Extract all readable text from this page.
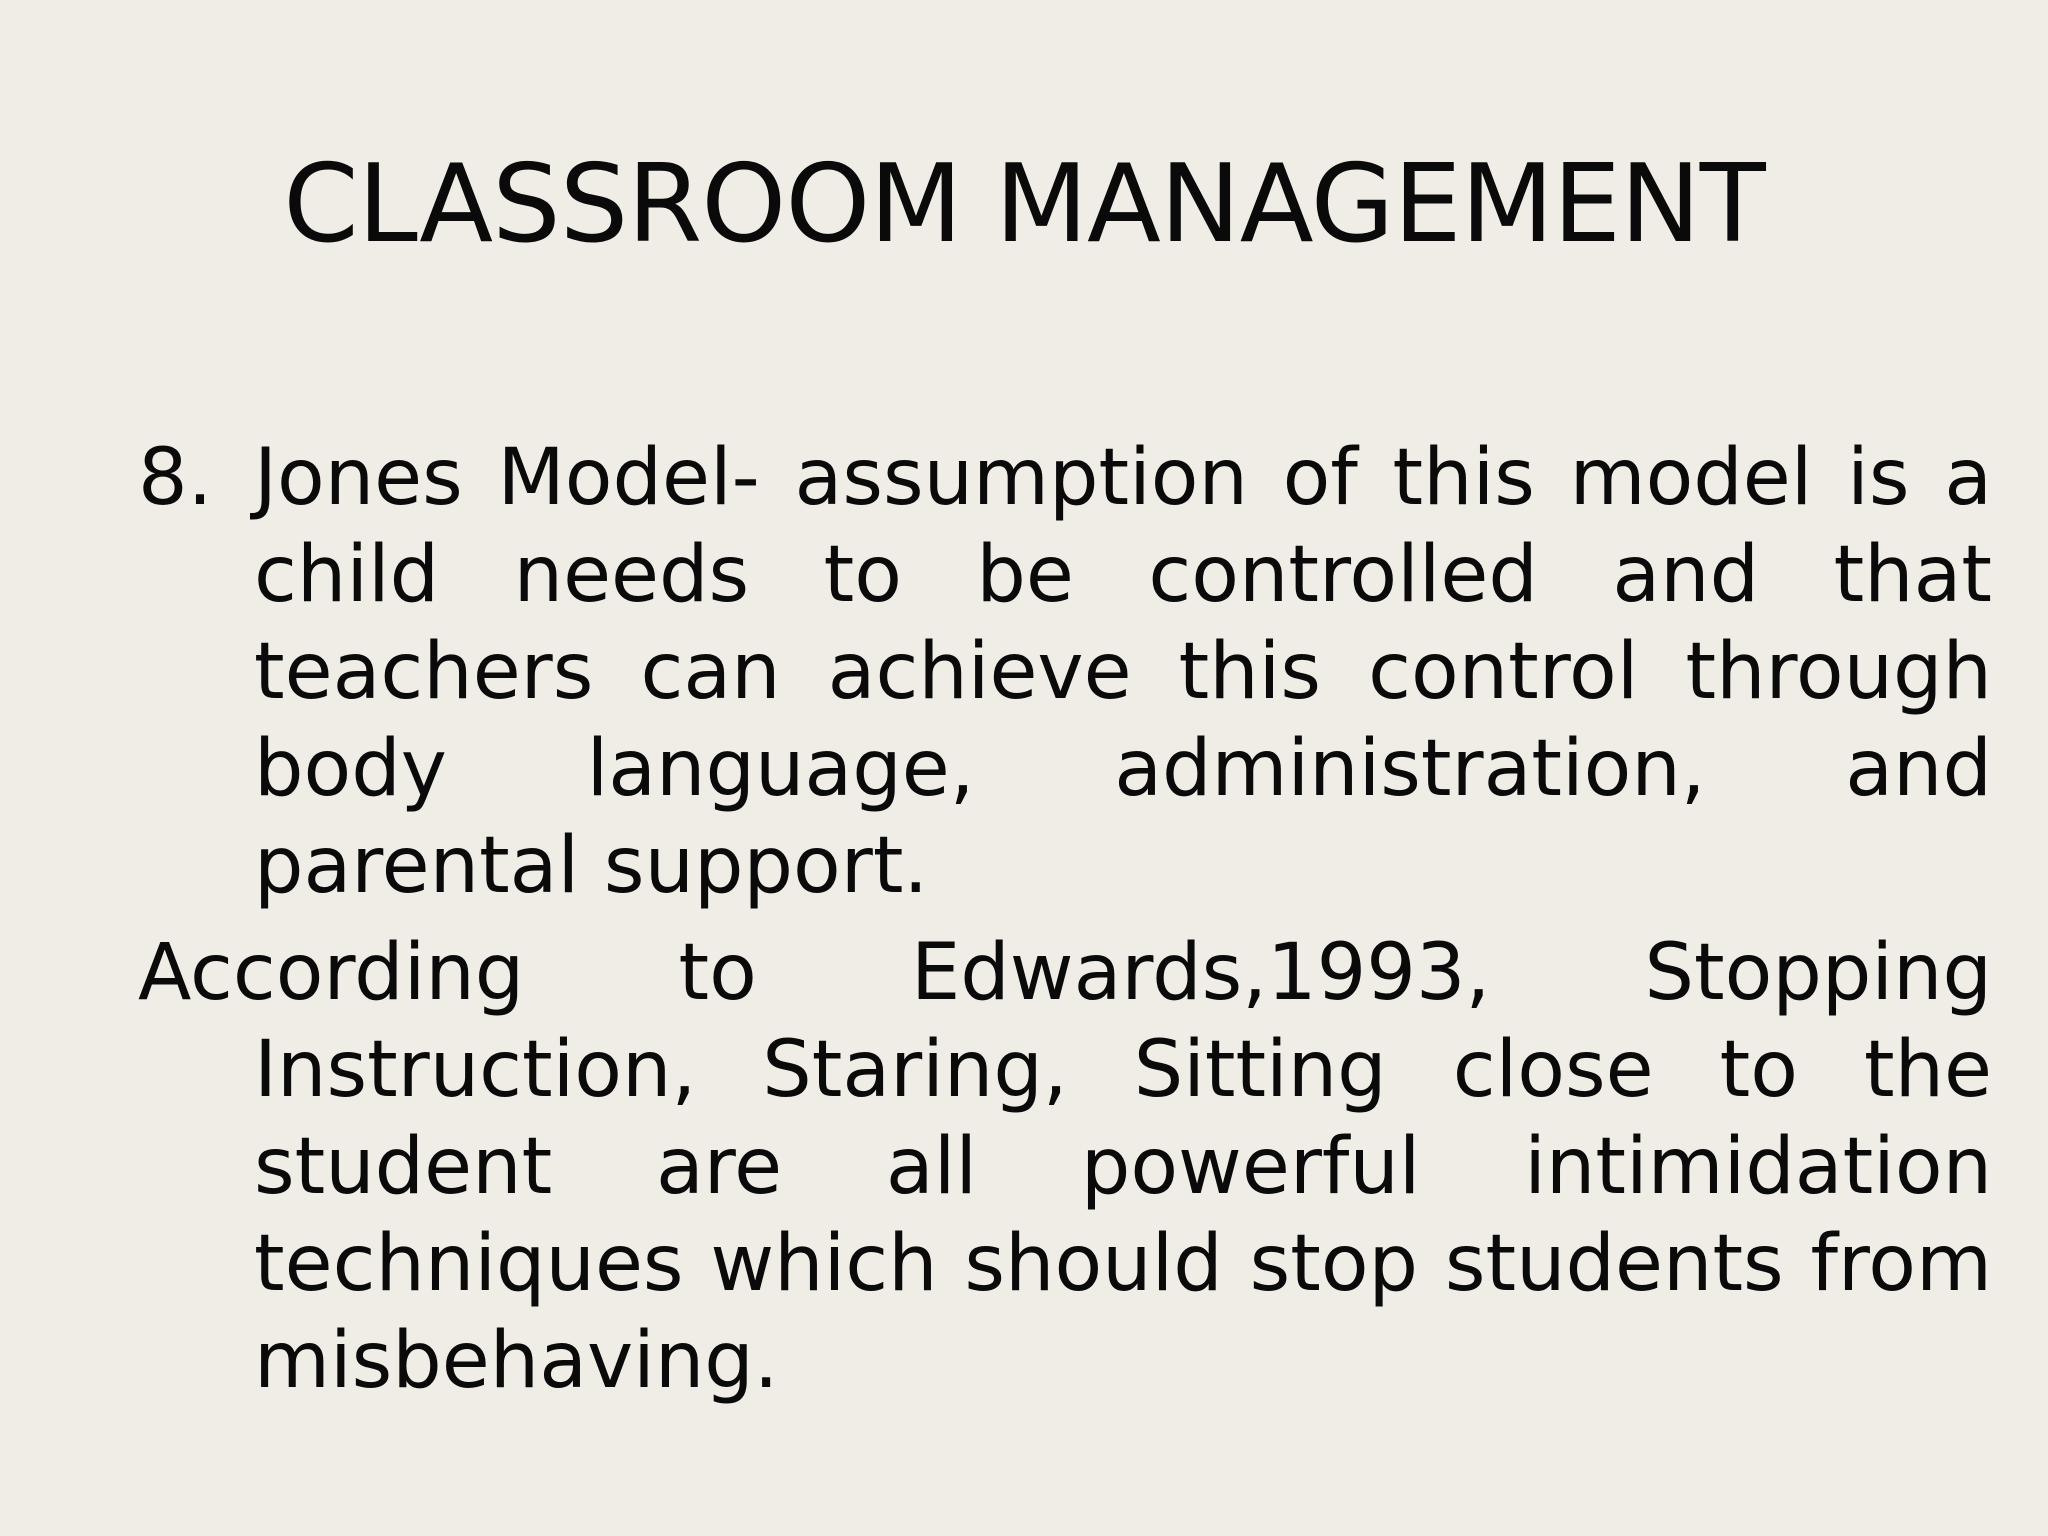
CLASSROOM MANAGEMENT

8. Jones Model- assumption of this model is a child needs to be controlled and that teachers can achieve this control through body language, administration, and parental support.

According to Edwards,1993, Stopping Instruction, Staring, Sitting close to the student are all powerful intimidation techniques which should stop students from misbehaving.
